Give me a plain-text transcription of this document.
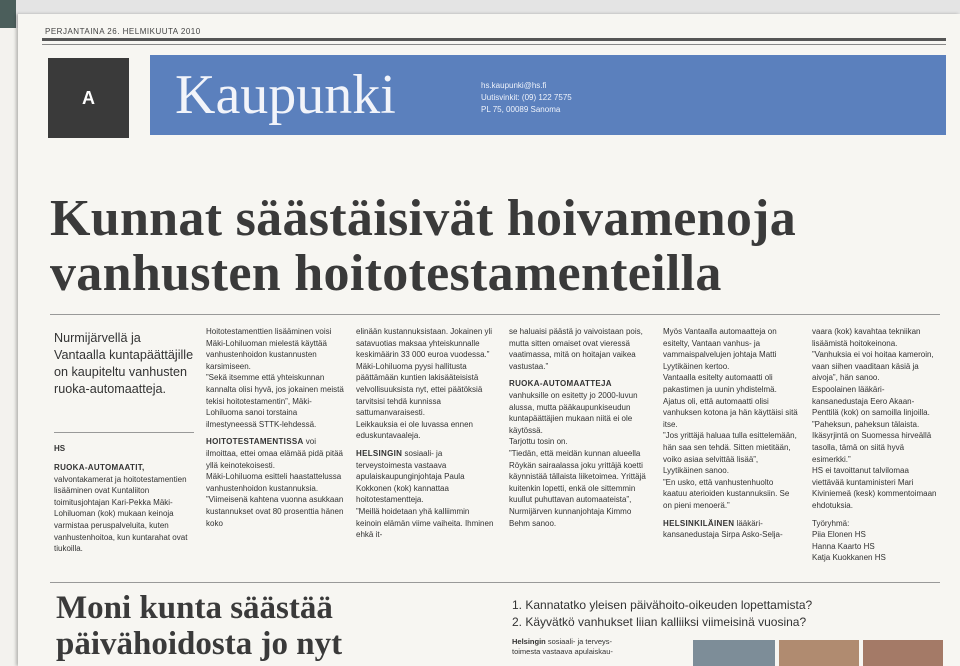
PERJANTAINA 26. HELMIKUUTA 2010
A	Kaupunki	hs.kaupunki@hs.fi
Uutisvinkit: (09) 122 7575
PL 75, 00089 Sanoma
Kunnat säästäisivät hoivamenoja vanhusten hoitotestamenteilla
Nurmijärvellä ja Vantaalla kuntapäättäjille on kaupiteltu vanhusten ruoka-automaatteja.
HS

RUOKA-AUTOMAATIT, valvontakamerat ja hoitotestamentien lisääminen ovat Kuntaliiton toimitusjohtajan Kari-Pekka Mäki-Lohiluoman (kok) mukaan keinoja varmistaa peruspalveluita, kuten vanhustenhoitoa, kun kuntarahat ovat tiukoilla.

Hoitotestamenttien lisääminen voisi Mäki-Lohiluoman mielestä käyttää vanhustenhoidon kustannusten karsimiseen.

”Sekä itsemme että yhteiskunnan kannalta olisi hyvä, jos jokainen meistä tekisi hoitotestamentin”, Mäki-Lohiluoma sanoi torstaina ilmestyneessä STTK-lehdessä.

HOITOTESTAMENTISSA voi ilmoittaa, ettei omaa elämää pidä pitää yllä keinotekoisesti.

Mäki-Lohiluoma esitteli haastattelussa vanhustenhoidon kustannuksia.

”Viimeisenä kahtena vuonna asukkaan kustannukset ovat 80 prosenttia hänen koko

elinään kustannuksistaan. Jokainen yli satavuotias maksaa yhteiskunnalle keskimäärin 33 000 euroa vuodessa.”

Mäki-Lohiluoma pyysi hallitusta päättämään kuntien lakisääteisistä velvollisuuksista nyt, ettei päätöksiä tarvitsisi tehdä kunnissa sattumanvaraisesti.

Leikkauksia ei ole luvassa ennen eduskuntavaaleja.

HELSINGIN sosiaali- ja terveystoimesta vastaava apulaiskaupunginjohtaja Paula Kokkonen (kok) kannattaa hoitotestamentteja.

”Meillä hoidetaan yhä kalliimmin keinoin elämän viime vaiheita. Ihminen ehkä it-

se haluaisi päästä jo vaivoistaan pois, mutta sitten omaiset ovat vieressä vaatimassa, mitä on hoitajan vaikea vastustaa.”

RUOKA-AUTOMAATTEJA vanhuksille on esitetty jo 2000-luvun alussa, mutta pääkaupunkiseudun kuntapäättäjien mukaan niitä ei ole käytössä.

Tarjottu tosin on.

”Tiedän, että meidän kunnan alueella Röykän sairaalassa joku yrittäjä koetti käynnistää tällaista liiketoimea. Yrittäjä kuitenkin lopetti, enkä ole sittemmin kuullut puhuttavan automaateista”, Nurmijärven kunnanjohtaja Kimmo Behm sanoo.

Myös Vantaalla automaatteja on esitelty, Vantaan vanhus- ja vammaispalvelujen johtaja Matti Lyytikäinen kertoo.

Vantaalla esitelty automaatti oli pakastimen ja uunin yhdistelmä. Ajatus oli, että automaatti olisi vanhuksen kotona ja hän käyttäisi sitä itse.

”Jos yrittäjä haluaa tulla esittelemään, hän saa sen tehdä. Sitten mietitään, voiko asiaa selvittää lisää”, Lyytikäinen sanoo.

”En usko, että vanhustenhuolto kaatuu aterioiden kustannuksiin. Se on pieni menoerä.”

HELSINKILÄINEN lääkäri-kansanedustaja Sirpa Asko-Selja-

vaara (kok) kavahtaa tekniikan lisäämistä hoitokeinona.

”Vanhuksia ei voi hoitaa kameroin, vaan siihen vaaditaan käsiä ja aivoja”, hän sanoo.

Espoolainen lääkäri-kansanedustaja Eero Akaan-Penttilä (kok) on samoilla linjoilla.

”Paheksun, paheksun tälaista. Ikäsyrjintä on Suomessa hirveällä tasolla, tämä on siitä hyvä esimerkki.”

HS ei tavoittanut talvilomaa viettävää kuntaministeri Mari Kiviniemeä (kesk) kommentoimaan ehdotuksia.

Työryhmä:

Piia Elonen HS

Hanna Kaarto HS

Katja Kuokkanen HS

Moni kunta säästää päivähoidosta jo nyt
1. Kannatatko yleisen päivähoito-oikeuden lopettamista?
2. Käyvätkö vanhukset liian kalliiksi viimeisinä vuosina?
Helsingin sosiaali- ja terveys-
toimesta vastaava apulaiskau-
